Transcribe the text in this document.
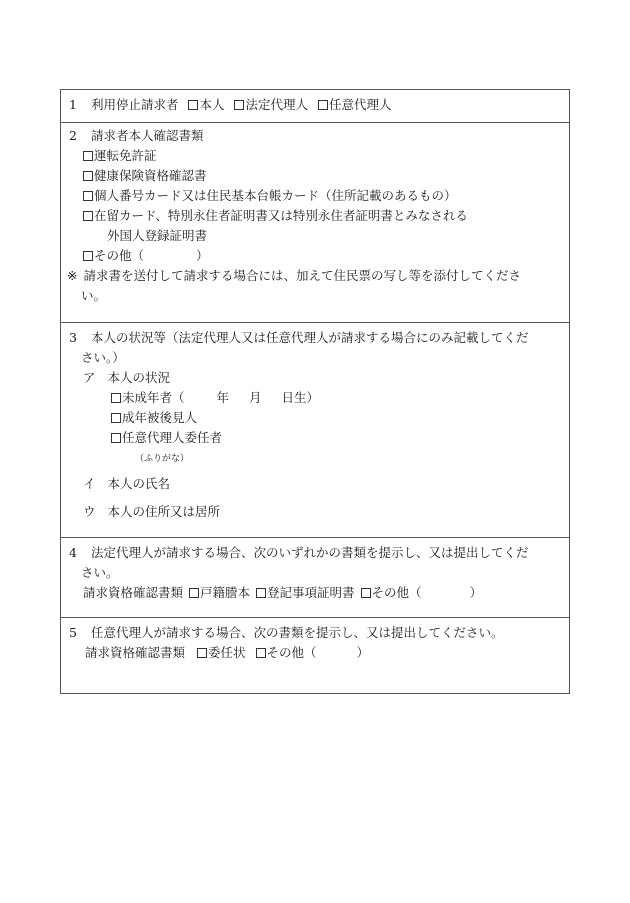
1 利用停止請求者 本人 法定代理人 任意代理人
2 請求者本人確認書類
運転免許証
健康保険資格確認書
個人番号カード又は住民基本台帳カード（住所記載のあるもの）
在留カード、特別永住者証明書又は特別永住者証明書とみなされる
外国人登録証明書
その他（	）
※ 請求書を送付して請求する場合には、加えて住民票の写し等を添付してくださ
い。
3 本人の状況等（法定代理人又は任意代理人が請求する場合にのみ記載してくだ
さい。）
ア 本人の状況
未成年者（	年 月 日生）
成年被後見人
任意代理人委任者
（ふりがな）
イ 本人の氏名
ウ 本人の住所又は居所
4 法定代理人が請求する場合、次のいずれかの書類を提示し、又は提出してくだ
さい。
請求資格確認書類 戸籍謄本 登記事項証明書 その他（	）
5 任意代理人が請求する場合、次の書類を提示し、又は提出してください。
請求資格確認書類 委任状 その他（	）
